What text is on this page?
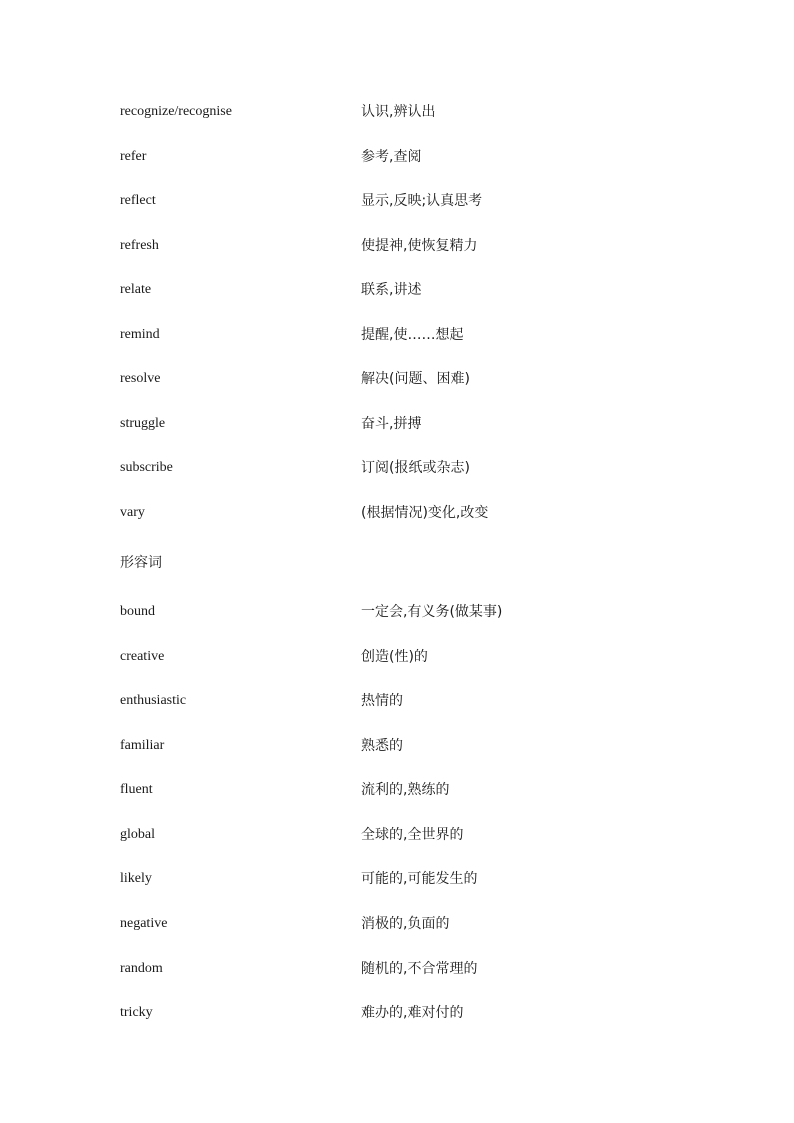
recognize/recognise	认识,辨认出
refer	参考,查阅
reflect	显示,反映;认真思考
refresh	使提神,使恢复精力
relate	联系,讲述
remind	提醒,使……想起
resolve	解决(问题、困难)
struggle	奋斗,拼搏
subscribe	订阅(报纸或杂志)
vary	(根据情况)变化,改变
形容词
bound	一定会,有义务(做某事)
creative	创造(性)的
enthusiastic	热情的
familiar	熟悉的
fluent	流利的,熟练的
global	全球的,全世界的
likely	可能的,可能发生的
negative	消极的,负面的
random	随机的,不合常理的
tricky	难办的,难对付的
